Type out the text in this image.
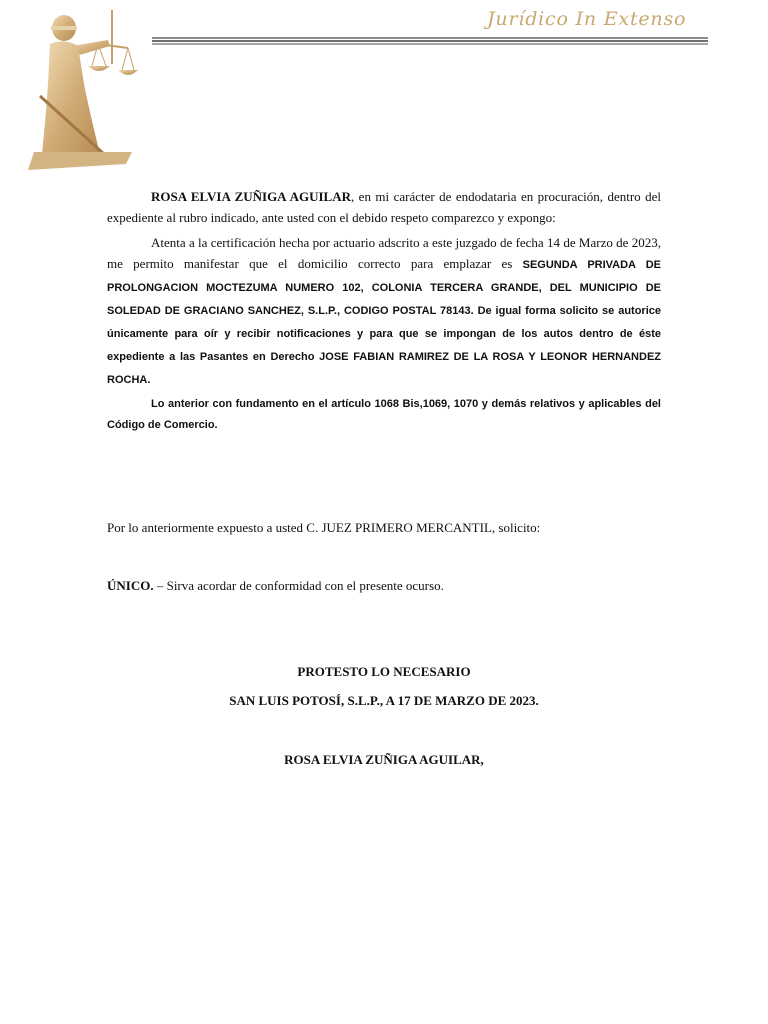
Jurídico In Extenso

ROSA ELVIA ZUÑIGA AGUILAR, en mi carácter de endodataria en procuración, dentro del expediente al rubro indicado, ante usted con el debido respeto comparezco y expongo:

Atenta a la certificación hecha por actuario adscrito a este juzgado de fecha 14 de Marzo de 2023, me permito manifestar que el domicilio correcto para emplazar es SEGUNDA PRIVADA DE PROLONGACION MOCTEZUMA NUMERO 102, COLONIA TERCERA GRANDE, DEL MUNICIPIO DE SOLEDAD DE GRACIANO SANCHEZ, S.L.P., CODIGO POSTAL 78143. De igual forma solicito se autorice únicamente para oír y recibir notificaciones y para que se impongan de los autos dentro de éste expediente a las Pasantes en Derecho JOSE FABIAN RAMIREZ DE LA ROSA Y LEONOR HERNANDEZ ROCHA.

Lo anterior con fundamento en el artículo 1068 Bis,1069, 1070 y demás relativos y aplicables del Código de Comercio.

Por lo anteriormente expuesto a usted C. JUEZ PRIMERO MERCANTIL, solicito:

ÚNICO. – Sirva acordar de conformidad con el presente ocurso.

PROTESTO LO NECESARIO
SAN LUIS POTOSÍ, S.L.P., A 17 DE MARZO DE 2023.
ROSA ELVIA ZUÑIGA AGUILAR,
